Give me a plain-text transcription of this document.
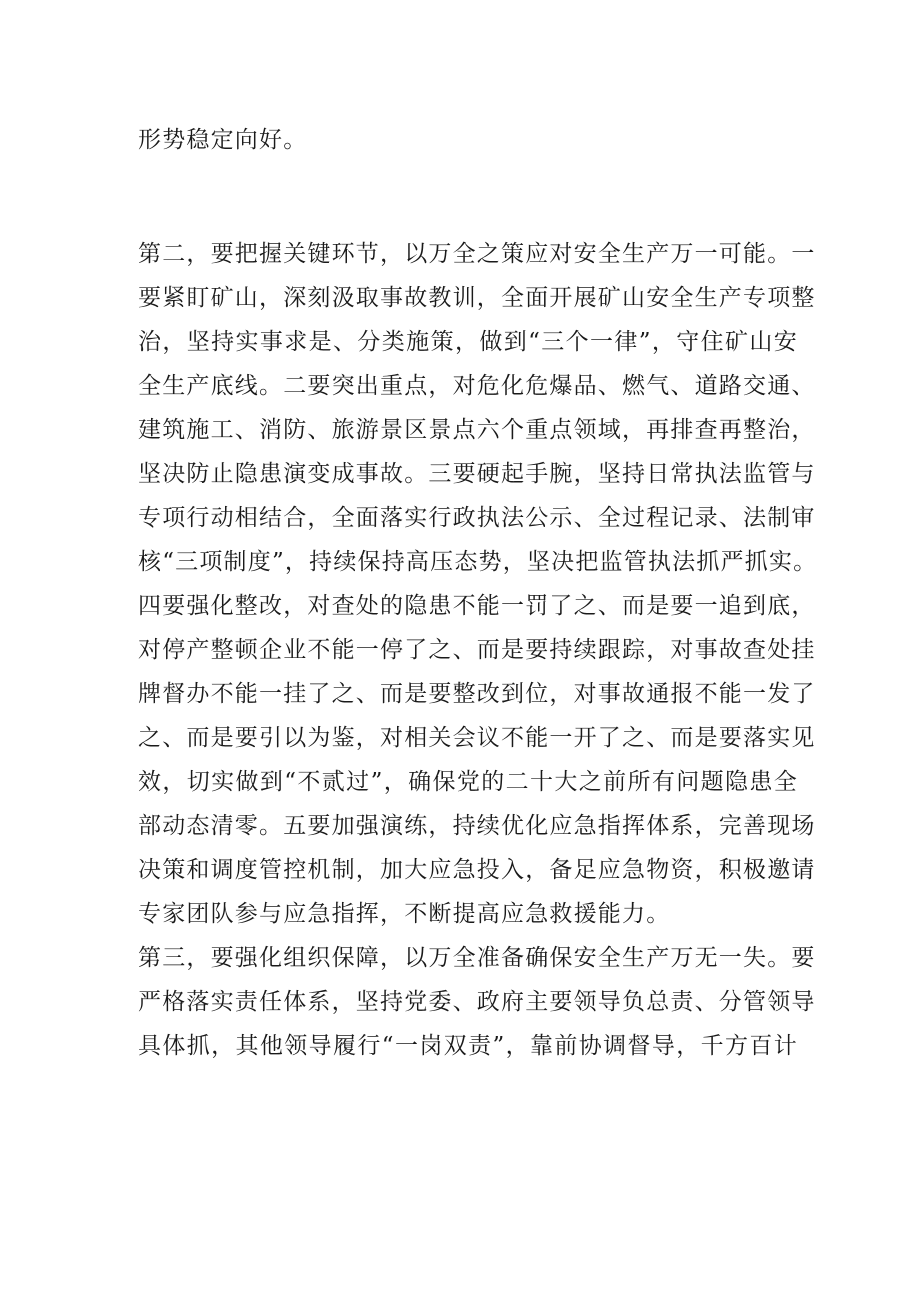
形势稳定向好。
第二，要把握关键环节，以万全之策应对安全生产万一可能。一
要紧盯矿山，深刻汲取事故教训，全面开展矿山安全生产专项整
治，坚持实事求是、分类施策，做到“三个一律”，守住矿山安
全生产底线。二要突出重点，对危化危爆品、燃气、道路交通、
建筑施工、消防、旅游景区景点六个重点领域，再排查再整治，
坚决防止隐患演变成事故。三要硬起手腕，坚持日常执法监管与
专项行动相结合，全面落实行政执法公示、全过程记录、法制审
核“三项制度”，持续保持高压态势，坚决把监管执法抓严抓实。
四要强化整改，对查处的隐患不能一罚了之、而是要一追到底，
对停产整顿企业不能一停了之、而是要持续跟踪，对事故查处挂
牌督办不能一挂了之、而是要整改到位，对事故通报不能一发了
之、而是要引以为鉴，对相关会议不能一开了之、而是要落实见
效，切实做到“不贰过”，确保党的二十大之前所有问题隐患全
部动态清零。五要加强演练，持续优化应急指挥体系，完善现场
决策和调度管控机制，加大应急投入，备足应急物资，积极邀请
专家团队参与应急指挥，不断提高应急救援能力。
第三，要强化组织保障，以万全准备确保安全生产万无一失。要
严格落实责任体系，坚持党委、政府主要领导负总责、分管领导
具体抓，其他领导履行“一岗双责”，靠前协调督导，千方百计
